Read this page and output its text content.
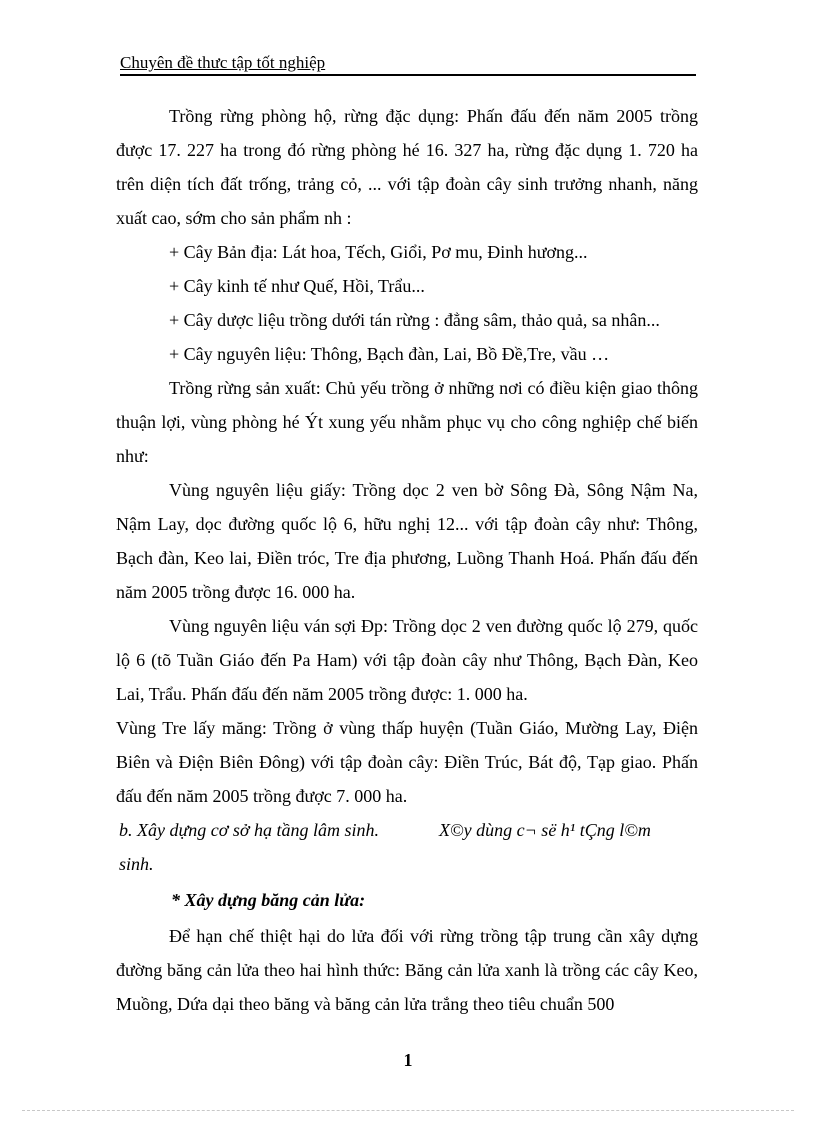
Chuyên đề thưc tập tốt nghiệp

Trồng rừng phòng hộ, rừng đặc dụng: Phấn đấu đến năm 2005 trồng được 17. 227 ha trong đó rừng phòng hé 16. 327 ha, rừng đặc dụng 1. 720 ha trên diện tích đất trống, trảng cỏ, ... với tập đoàn cây sinh trưởng nhanh, năng xuất cao, sớm cho sản phẩm nh :

+ Cây Bản địa: Lát hoa, Tếch, Giổi, Pơ mu, Đinh hương...

+ Cây kinh tế như Quế, Hồi, Trẩu...

+ Cây dược liệu trồng dưới tán rừng : đẳng sâm, thảo quả, sa nhân...

+ Cây nguyên liệu: Thông, Bạch đàn, Lai, Bồ Đề,Tre, vầu …

Trồng rừng sản xuất: Chủ yếu trồng ở những nơi có điều kiện giao thông thuận lợi, vùng phòng hé Ýt xung yếu nhằm phục vụ cho công nghiệp chế biến như:

Vùng nguyên liệu giấy: Trồng dọc 2 ven bờ Sông Đà, Sông Nậm Na, Nậm Lay, dọc đường quốc lộ 6, hữu nghị 12... với tập đoàn cây như: Thông, Bạch đàn, Keo lai, Điền tróc, Tre địa phương, Luồng Thanh Hoá. Phấn đấu đến năm 2005 trồng được 16. 000 ha.

Vùng nguyên liệu ván sợi Đp: Trồng dọc 2 ven đường quốc lộ 279, quốc lộ 6 (tõ Tuần Giáo đến Pa Ham) với tập đoàn cây như Thông, Bạch Đàn, Keo Lai, Trẩu. Phấn đấu đến năm 2005 trồng được: 1. 000 ha.

Vùng Tre lấy măng: Trồng ở vùng thấp huyện (Tuần Giáo, Mường Lay, Điện Biên và Điện Biên Đông) với tập đoàn cây: Điền Trúc, Bát độ, Tạp giao. Phấn đấu đến năm 2005 trồng được 7. 000 ha.

b. Xây dựng cơ sở hạ tầng lâm sinh.	X©y dùng c¬ së h¹ tÇng l©m
sinh.

* Xây dựng băng cản lửa:

Để hạn chế thiệt hại do lửa đối với rừng trồng tập trung cần xây dựng đường băng cản lửa theo hai hình thức: Băng cản lửa xanh là trồng các cây Keo, Muồng, Dứa dại theo băng và băng cản lửa trắng theo tiêu chuẩn 500

1
